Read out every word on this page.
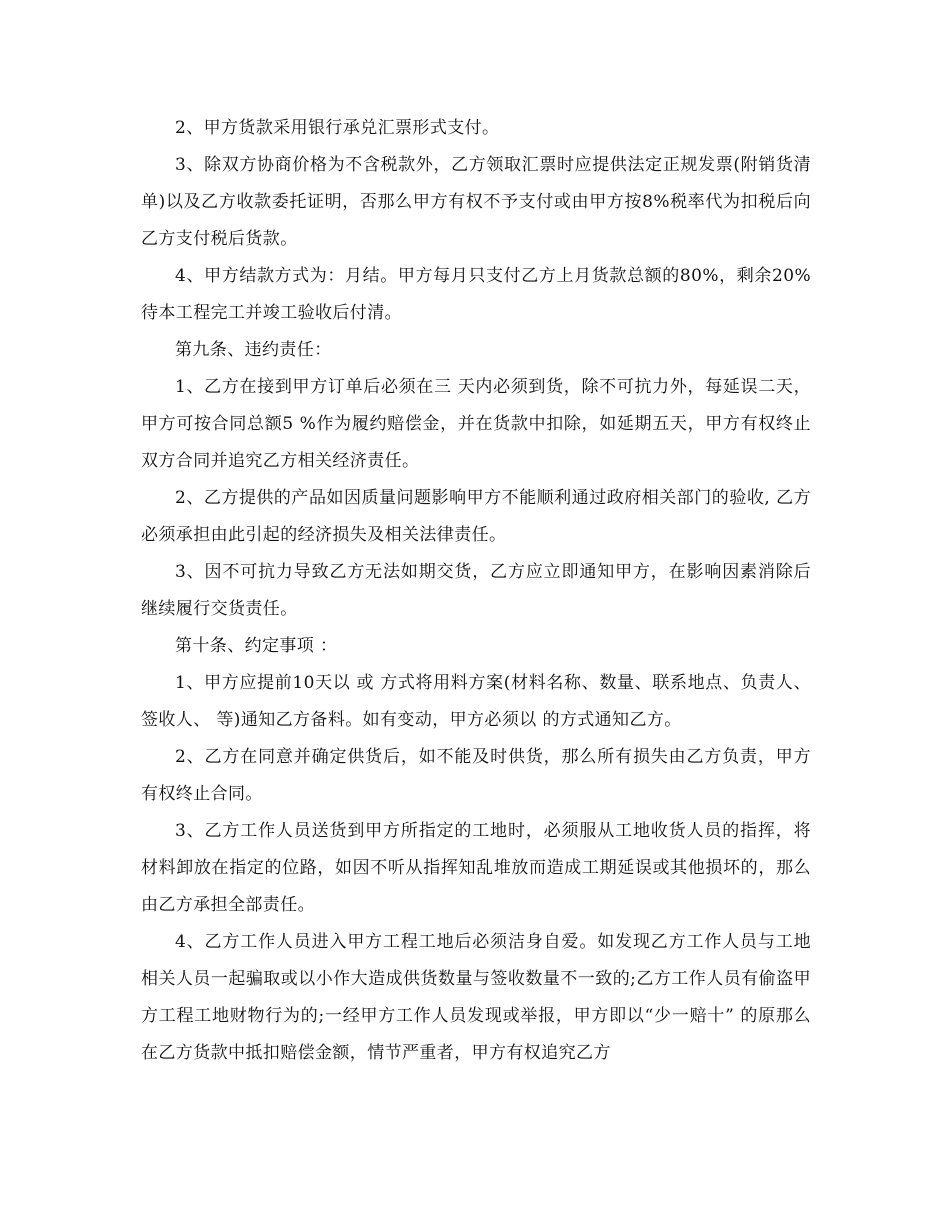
2、甲方货款采用银行承兑汇票形式支付。

3、除双方协商价格为不含税款外，乙方领取汇票时应提供法定正规发票(附销货清单)以及乙方收款委托证明，否那么甲方有权不予支付或由甲方按8%税率代为扣税后向乙方支付税后货款。

4、甲方结款方式为：月结。甲方每月只支付乙方上月货款总额的80%，剩余20%待本工程完工并竣工验收后付清。

第九条、违约责任：

1、乙方在接到甲方订单后必须在三 天内必须到货，除不可抗力外，每延误二天，甲方可按合同总额5 %作为履约赔偿金，并在货款中扣除，如延期五天，甲方有权终止双方合同并追究乙方相关经济责任。

2、乙方提供的产品如因质量问题影响甲方不能顺利通过政府相关部门的验收, 乙方必须承担由此引起的经济损失及相关法律责任。

3、因不可抗力导致乙方无法如期交货，乙方应立即通知甲方，在影响因素消除后继续履行交货责任。

第十条、约定事项 ：

1、甲方应提前10天以 或 方式将用料方案(材料名称、数量、联系地点、负责人、签收人、 等)通知乙方备料。如有变动，甲方必须以 的方式通知乙方。

2、乙方在同意并确定供货后，如不能及时供货，那么所有损失由乙方负责，甲方有权终止合同。

3、乙方工作人员送货到甲方所指定的工地时，必须服从工地收货人员的指挥，将材料卸放在指定的位路，如因不听从指挥知乱堆放而造成工期延误或其他损坏的，那么由乙方承担全部责任。

4、乙方工作人员进入甲方工程工地后必须洁身自爱。如发现乙方工作人员与工地相关人员一起骗取或以小作大造成供货数量与签收数量不一致的;乙方工作人员有偷盗甲方工程工地财物行为的;一经甲方工作人员发现或举报，甲方即以“少一赔十” 的原那么在乙方货款中抵扣赔偿金额，情节严重者，甲方有权追究乙方
